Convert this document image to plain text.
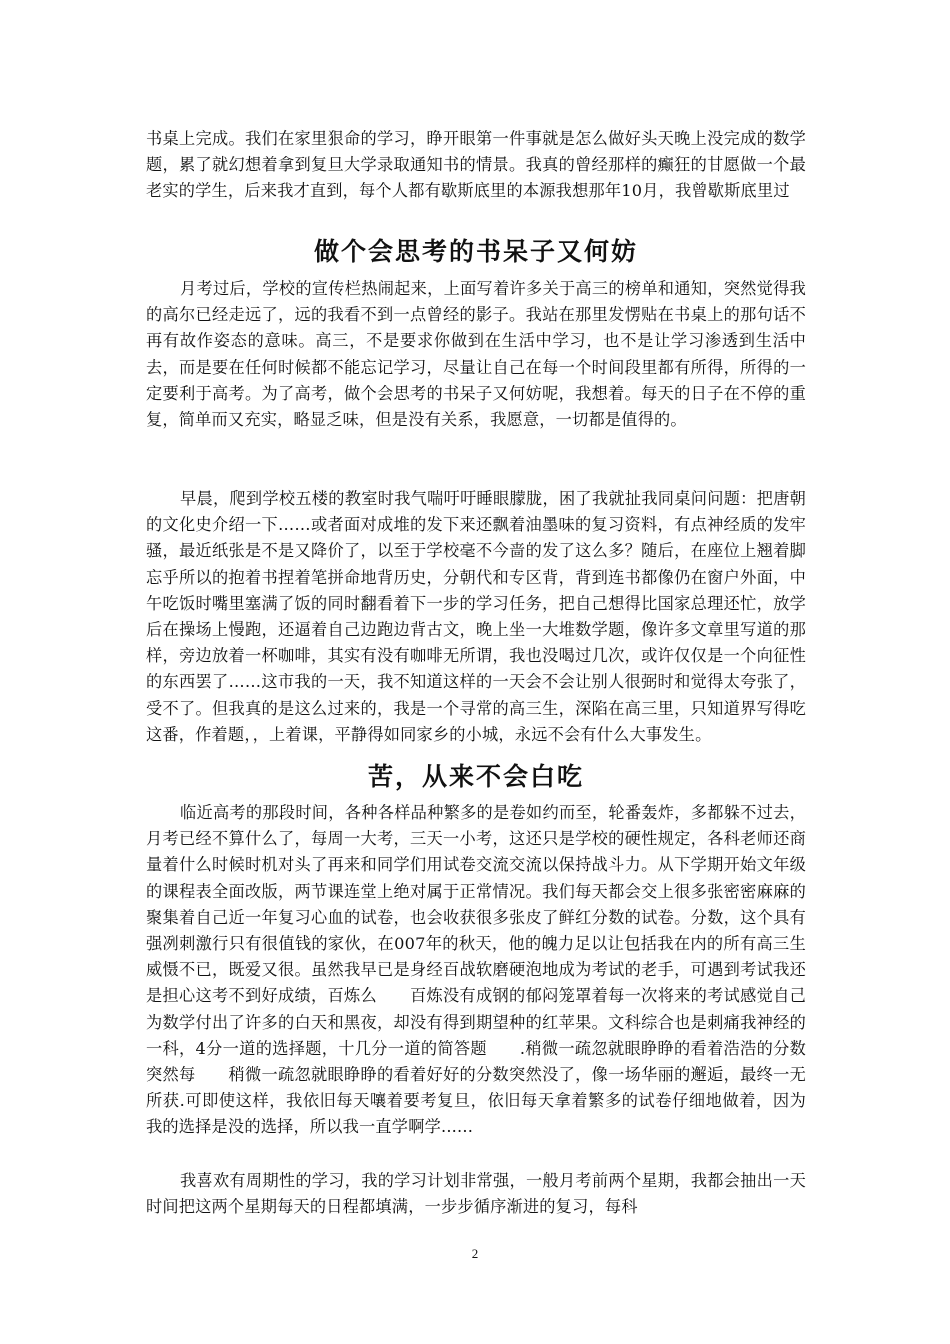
书桌上完成。我们在家里狠命的学习，睁开眼第一件事就是怎么做好头天晚上没完成的数学题，累了就幻想着拿到复旦大学录取通知书的情景。我真的曾经那样的癫狂的甘愿做一个最老实的学生，后来我才直到，每个人都有歇斯底里的本源我想那年10月，我曾歇斯底里过

做个会思考的书呆子又何妨

月考过后，学校的宣传栏热闹起来，上面写着许多关于高三的榜单和通知，突然觉得我的高尔已经走远了，远的我看不到一点曾经的影子。我站在那里发愣贴在书桌上的那句话不再有故作姿态的意味。高三，不是要求你做到在生活中学习，也不是让学习渗透到生活中去，而是要在任何时候都不能忘记学习，尽量让自己在每一个时间段里都有所得，所得的一定要利于高考。为了高考，做个会思考的书呆子又何妨呢，我想着。每天的日子在不停的重复，简单而又充实，略显乏味，但是没有关系，我愿意，一切都是值得的。

早晨，爬到学校五楼的教室时我气喘吁吁睡眼朦胧，困了我就扯我同桌问问题：把唐朝的文化史介绍一下……或者面对成堆的发下来还飘着油墨味的复习资料，有点神经质的发牢骚，最近纸张是不是又降价了，以至于学校毫不今啬的发了这么多？随后，在座位上翘着脚忘乎所以的抱着书捏着笔拼命地背历史，分朝代和专区背，背到连书都像仍在窗户外面，中午吃饭时嘴里塞满了饭的同时翻看着下一步的学习任务，把自己想得比国家总理还忙，放学后在操场上慢跑，还逼着自己边跑边背古文，晚上坐一大堆数学题，像许多文章里写道的那样，旁边放着一杯咖啡，其实有没有咖啡无所谓，我也没喝过几次，或许仅仅是一个向征性的东西罢了……这市我的一天，我不知道这样的一天会不会让别人很弼时和觉得太夸张了，受不了。但我真的是这么过来的，我是一个寻常的高三生，深陷在高三里，只知道界写得吃这番，作着题，，上着课，平静得如同家乡的小城，永远不会有什么大事发生。

苦，从来不会白吃

临近高考的那段时间，各种各样品种繁多的是卷如约而至，轮番轰炸，多都躲不过去，月考已经不算什么了，每周一大考，三天一小考，这还只是学校的硬性规定，各科老师还商量着什么时候时机对头了再来和同学们用试卷交流交流以保持战斗力。从下学期开始文年级的课程表全面改版，两节课连堂上绝对属于正常情况。我们每天都会交上很多张密密麻麻的聚集着自己近一年复习心血的试卷，也会收获很多张皮了鲜红分数的试卷。分数，这个具有强冽刺激行只有很值钱的家伙，在007年的秋天，他的魄力足以让包括我在内的所有高三生威慑不已，既爱又很。虽然我早已是身经百战软磨硬泡地成为考试的老手，可遇到考试我还是担心这考不到好成绩，百炼么　　百炼没有成钢的郁闷笼罩着每一次将来的考试感觉自己为数学付出了许多的白天和黑夜，却没有得到期望种的红苹果。文科综合也是刺痛我神经的一科，4分一道的选择题，十几分一道的简答题　　.稍微一疏忽就眼睁睁的看着浩浩的分数突然每　　稍微一疏忽就眼睁睁的看着好好的分数突然没了，像一场华丽的邂逅，最终一无所获.可即使这样，我依旧每天嚷着要考复旦，依旧每天拿着繁多的试卷仔细地做着，因为我的选择是没的选择，所以我一直学啊学......

我喜欢有周期性的学习，我的学习计划非常强，一般月考前两个星期，我都会抽出一天时间把这两个星期每天的日程都填满，一步步循序渐进的复习，每科

2
